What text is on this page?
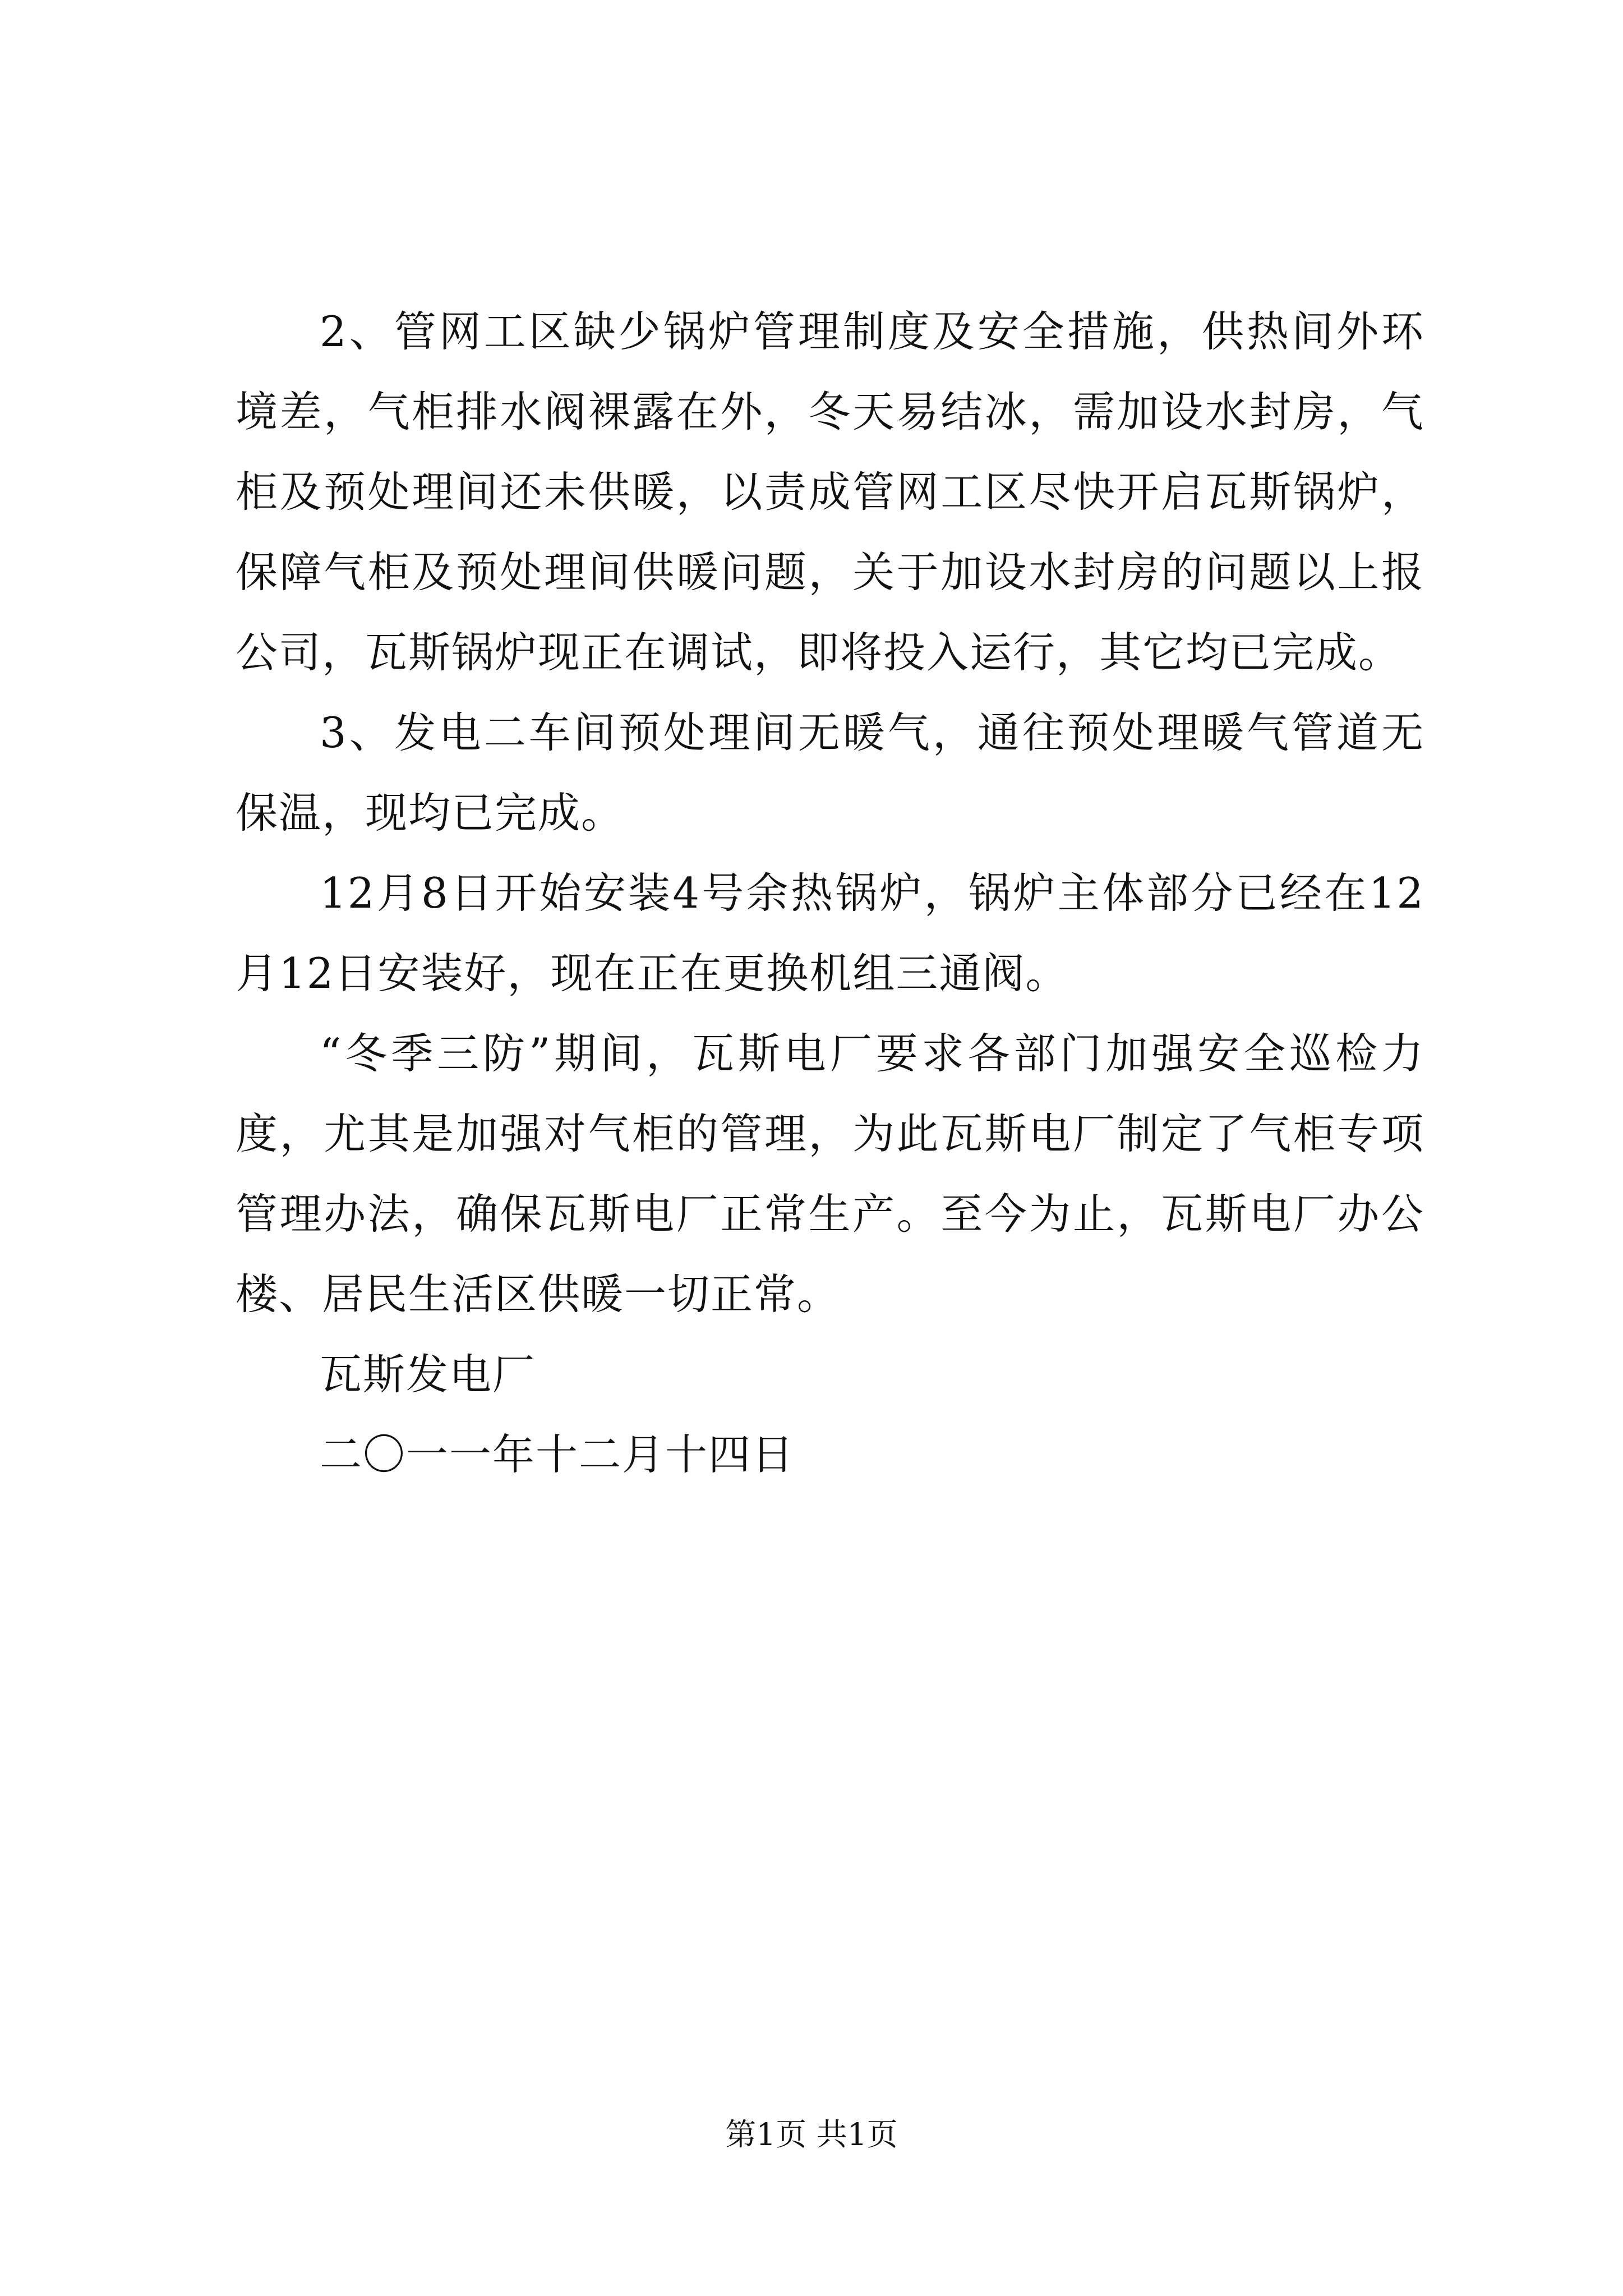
2、管网工区缺少锅炉管理制度及安全措施，供热间外环境差，气柜排水阀裸露在外，冬天易结冰，需加设水封房，气柜及预处理间还未供暖，以责成管网工区尽快开启瓦斯锅炉，保障气柜及预处理间供暖问题，关于加设水封房的问题以上报公司，瓦斯锅炉现正在调试，即将投入运行，其它均已完成。

3、发电二车间预处理间无暖气，通往预处理暖气管道无保温，现均已完成。

12月8日开始安装4号余热锅炉，锅炉主体部分已经在12月12日安装好，现在正在更换机组三通阀。

“冬季三防”期间，瓦斯电厂要求各部门加强安全巡检力度，尤其是加强对气柜的管理，为此瓦斯电厂制定了气柜专项管理办法，确保瓦斯电厂正常生产。至今为止，瓦斯电厂办公楼、居民生活区供暖一切正常。

瓦斯发电厂

二〇一一年十二月十四日

第1页 共1页
